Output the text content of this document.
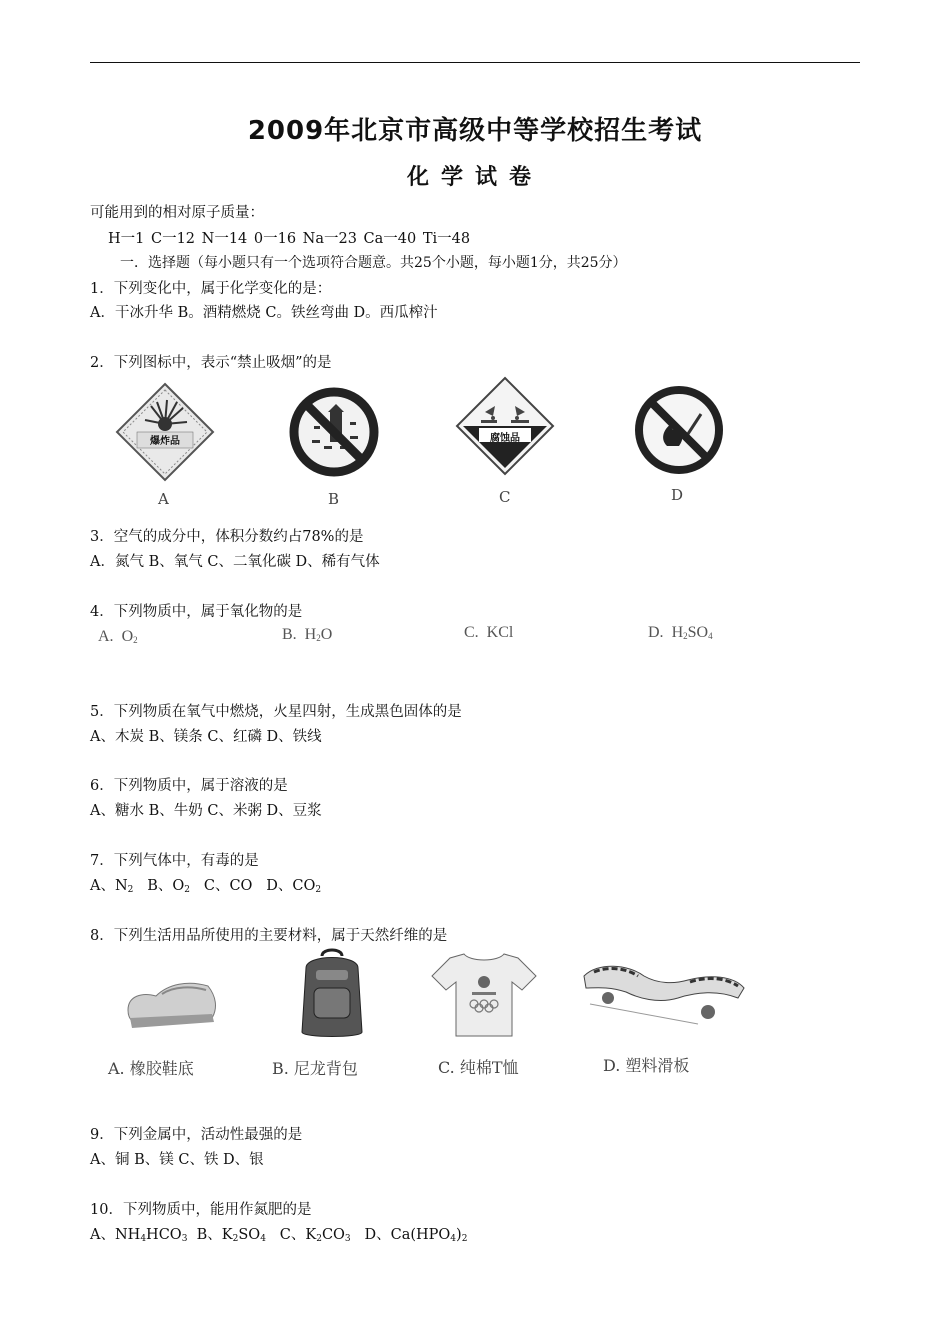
2009年北京市高级中等学校招生考试
化学试卷
可能用到的相对原子质量：
H一1 C一12 N一14 0一16 Na一23 Ca一40 Ti一48
一．选择题（每小题只有一个选项符合题意。共25个小题，每小题1分，共25分）
1．下列变化中，属于化学变化的是：
A．干冰升华 B。酒精燃烧 C。铁丝弯曲 D。西瓜榨汁
2．下列图标中，表示“禁止吸烟”的是
爆炸品
A	B
腐蚀品
C	D
3．空气的成分中，体积分数约占78%的是
A．氮气 B、氧气 C、二氧化碳 D、稀有气体
4．下列物质中，属于氧化物的是
A. $O_2$	B. $H_2O$	C. KCl	D. $H_2SO_4$
5．下列物质在氧气中燃烧，火星四射，生成黑色固体的是
A、木炭 B、镁条 C、红磷 D、铁线
6．下列物质中，属于溶液的是
A、糖水 B、牛奶 C、米粥 D、豆浆
7．下列气体中，有毒的是
A、$N_2$ B、$O_2$ C、CO D、$CO_2$
8．下列生活用品所使用的主要材料，属于天然纤维的是
A. 橡胶鞋底	B. 尼龙背包	C. 纯棉T恤	D. 塑料滑板
9．下列金属中，活动性最强的是
A、铜 B、镁 C、铁 D、银
10．下列物质中，能用作氮肥的是
A、$NH_4HCO_3$ B、$K_2SO_4$ C、$K_2CO_3$ D、$Ca(HPO_4)_2$
